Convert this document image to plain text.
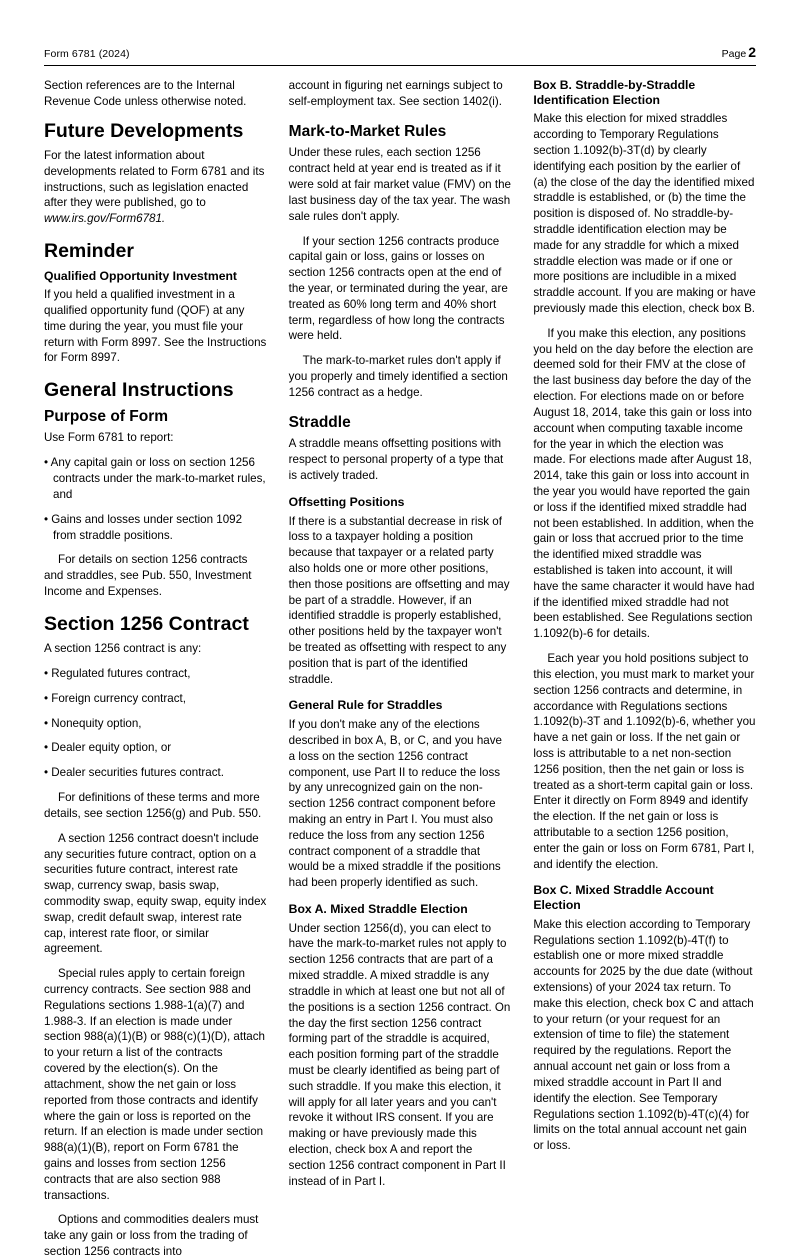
Form 6781 (2024)	Page 2

Section references are to the Internal Revenue Code unless otherwise noted.

Future Developments

For the latest information about developments related to Form 6781 and its instructions, such as legislation enacted after they were published, go to www.irs.gov/Form6781.

Reminder
Qualified Opportunity Investment

If you held a qualified investment in a qualified opportunity fund (QOF) at any time during the year, you must file your return with Form 8997. See the Instructions for Form 8997.

General Instructions
Purpose of Form

Use Form 6781 to report:

• Any capital gain or loss on section 1256 contracts under the mark-to-market rules, and

• Gains and losses under section 1092 from straddle positions.

For details on section 1256 contracts and straddles, see Pub. 550, Investment Income and Expenses.

Section 1256 Contract

A section 1256 contract is any:

• Regulated futures contract,

• Foreign currency contract,

• Nonequity option,

• Dealer equity option, or

• Dealer securities futures contract.

For definitions of these terms and more details, see section 1256(g) and Pub. 550.

A section 1256 contract doesn't include any securities future contract, option on a securities future contract, interest rate swap, currency swap, basis swap, commodity swap, equity swap, equity index swap, credit default swap, interest rate cap, interest rate floor, or similar agreement.

Special rules apply to certain foreign currency contracts. See section 988 and Regulations sections 1.988-1(a)(7) and 1.988-3. If an election is made under section 988(a)(1)(B) or 988(c)(1)(D), attach to your return a list of the contracts covered by the election(s). On the attachment, show the net gain or loss reported from those contracts and identify where the gain or loss is reported on the return. If an election is made under section 988(a)(1)(B), report on Form 6781 the gains and losses from section 1256 contracts that are also section 988 transactions.

Options and commodities dealers must take any gain or loss from the trading of section 1256 contracts into

account in figuring net earnings subject to self-employment tax. See section 1402(i).

Mark-to-Market Rules

Under these rules, each section 1256 contract held at year end is treated as if it were sold at fair market value (FMV) on the last business day of the tax year. The wash sale rules don't apply.

If your section 1256 contracts produce capital gain or loss, gains or losses on section 1256 contracts open at the end of the year, or terminated during the year, are treated as 60% long term and 40% short term, regardless of how long the contracts were held.

The mark-to-market rules don't apply if you properly and timely identified a section 1256 contract as a hedge.

Straddle

A straddle means offsetting positions with respect to personal property of a type that is actively traded.

Offsetting Positions

If there is a substantial decrease in risk of loss to a taxpayer holding a position because that taxpayer or a related party also holds one or more other positions, then those positions are offsetting and may be part of a straddle. However, if an identified straddle is properly established, other positions held by the taxpayer won't be treated as offsetting with respect to any position that is part of the identified straddle.

General Rule for Straddles

If you don't make any of the elections described in box A, B, or C, and you have a loss on the section 1256 contract component, use Part II to reduce the loss by any unrecognized gain on the non-section 1256 contract component before making an entry in Part I. You must also reduce the loss from any section 1256 contract component of a straddle that would be a mixed straddle if the positions had been properly identified as such.

Box A. Mixed Straddle Election

Under section 1256(d), you can elect to have the mark-to-market rules not apply to section 1256 contracts that are part of a mixed straddle. A mixed straddle is any straddle in which at least one but not all of the positions is a section 1256 contract. On the day the first section 1256 contract forming part of the straddle is acquired, each position forming part of the straddle must be clearly identified as being part of such straddle. If you make this election, it will apply for all later years and you can't revoke it without IRS consent. If you are making or have previously made this election, check box A and report the section 1256 contract component in Part II instead of in Part I.

Box B. Straddle-by-Straddle Identification Election

Make this election for mixed straddles according to Temporary Regulations section 1.1092(b)-3T(d) by clearly identifying each position by the earlier of (a) the close of the day the identified mixed straddle is established, or (b) the time the position is disposed of. No straddle-by-straddle identification election may be made for any straddle for which a mixed straddle election was made or if one or more positions are includible in a mixed straddle account. If you are making or have previously made this election, check box B.

If you make this election, any positions you held on the day before the election are deemed sold for their FMV at the close of the last business day before the day of the election. For elections made on or before August 18, 2014, take this gain or loss into account when computing taxable income for the year in which the election was made. For elections made after August 18, 2014, take this gain or loss into account in the year you would have reported the gain or loss if the identified mixed straddle had not been established. In addition, when the gain or loss that accrued prior to the time the identified mixed straddle was established is taken into account, it will have the same character it would have had if the identified mixed straddle had not been established. See Regulations section 1.1092(b)-6 for details.

Each year you hold positions subject to this election, you must mark to market your section 1256 contracts and determine, in accordance with Regulations sections 1.1092(b)-3T and 1.1092(b)-6, whether you have a net gain or loss. If the net gain or loss is attributable to a net non-section 1256 position, then the net gain or loss is treated as a short-term capital gain or loss. Enter it directly on Form 8949 and identify the election. If the net gain or loss is attributable to a section 1256 position, enter the gain or loss on Form 6781, Part I, and identify the election.

Box C. Mixed Straddle Account Election

Make this election according to Temporary Regulations section 1.1092(b)-4T(f) to establish one or more mixed straddle accounts for 2025 by the due date (without extensions) of your 2024 tax return. To make this election, check box C and attach to your return (or your request for an extension of time to file) the statement required by the regulations. Report the annual account net gain or loss from a mixed straddle account in Part II and identify the election. See Temporary Regulations section 1.1092(b)-4T(c)(4) for limits on the total annual account net gain or loss.
